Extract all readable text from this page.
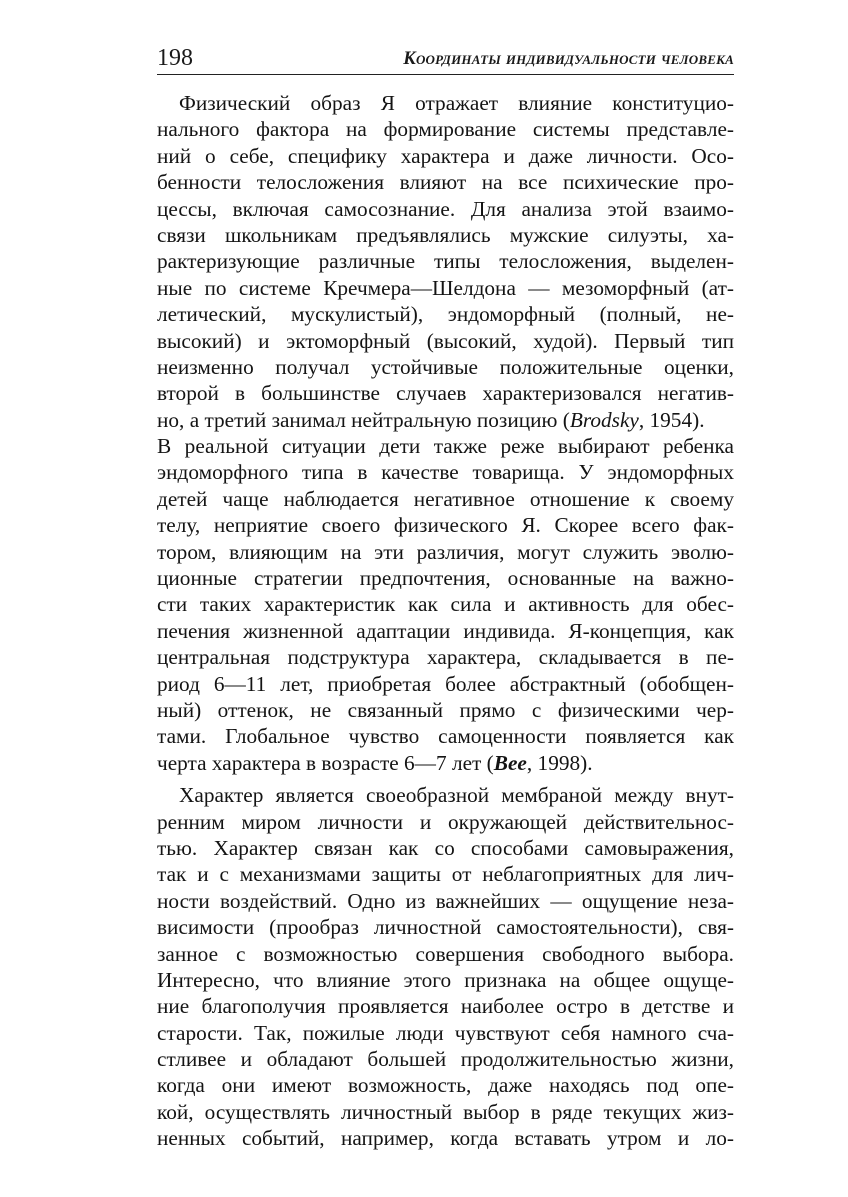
198	Координаты индивидуальности человека
Физический образ Я отражает влияние конституцио-
нального фактора на формирование системы представле-
ний о себе, специфику характера и даже личности. Осо-
бенности телосложения влияют на все психические про-
цессы, включая самосознание. Для анализа этой взаимо-
связи школьникам предъявлялись мужские силуэты, ха-
рактеризующие различные типы телосложения, выделен-
ные по системе Кречмера—Шелдона — мезоморфный (ат-
летический, мускулистый), эндоморфный (полный, не-
высокий) и эктоморфный (высокий, худой). Первый тип
неизменно получал устойчивые положительные оценки,
второй в большинстве случаев характеризовался негатив-
но, а третий занимал нейтральную позицию (Brodsky, 1954).
В реальной ситуации дети также реже выбирают ребенка
эндоморфного типа в качестве товарища. У эндоморфных
детей чаще наблюдается негативное отношение к своему
телу, неприятие своего физического Я. Скорее всего фак-
тором, влияющим на эти различия, могут служить эволю-
ционные стратегии предпочтения, основанные на важно-
сти таких характеристик как сила и активность для обес-
печения жизненной адаптации индивида. Я-концепция, как
центральная подструктура характера, складывается в пе-
риод 6—11 лет, приобретая более абстрактный (обобщен-
ный) оттенок, не связанный прямо с физическими чер-
тами. Глобальное чувство самоценности появляется как
черта характера в возрасте 6—7 лет (Bee, 1998).
Характер является своеобразной мембраной между внут-
ренним миром личности и окружающей действительнос-
тью. Характер связан как со способами самовыражения,
так и с механизмами защиты от неблагоприятных для лич-
ности воздействий. Одно из важнейших — ощущение неза-
висимости (прообраз личностной самостоятельности), свя-
занное с возможностью совершения свободного выбора.
Интересно, что влияние этого признака на общее ощуще-
ние благополучия проявляется наиболее остро в детстве и
старости. Так, пожилые люди чувствуют себя намного сча-
стливее и обладают большей продолжительностью жизни,
когда они имеют возможность, даже находясь под опе-
кой, осуществлять личностный выбор в ряде текущих жиз-
ненных событий, например, когда вставать утром и ло-
